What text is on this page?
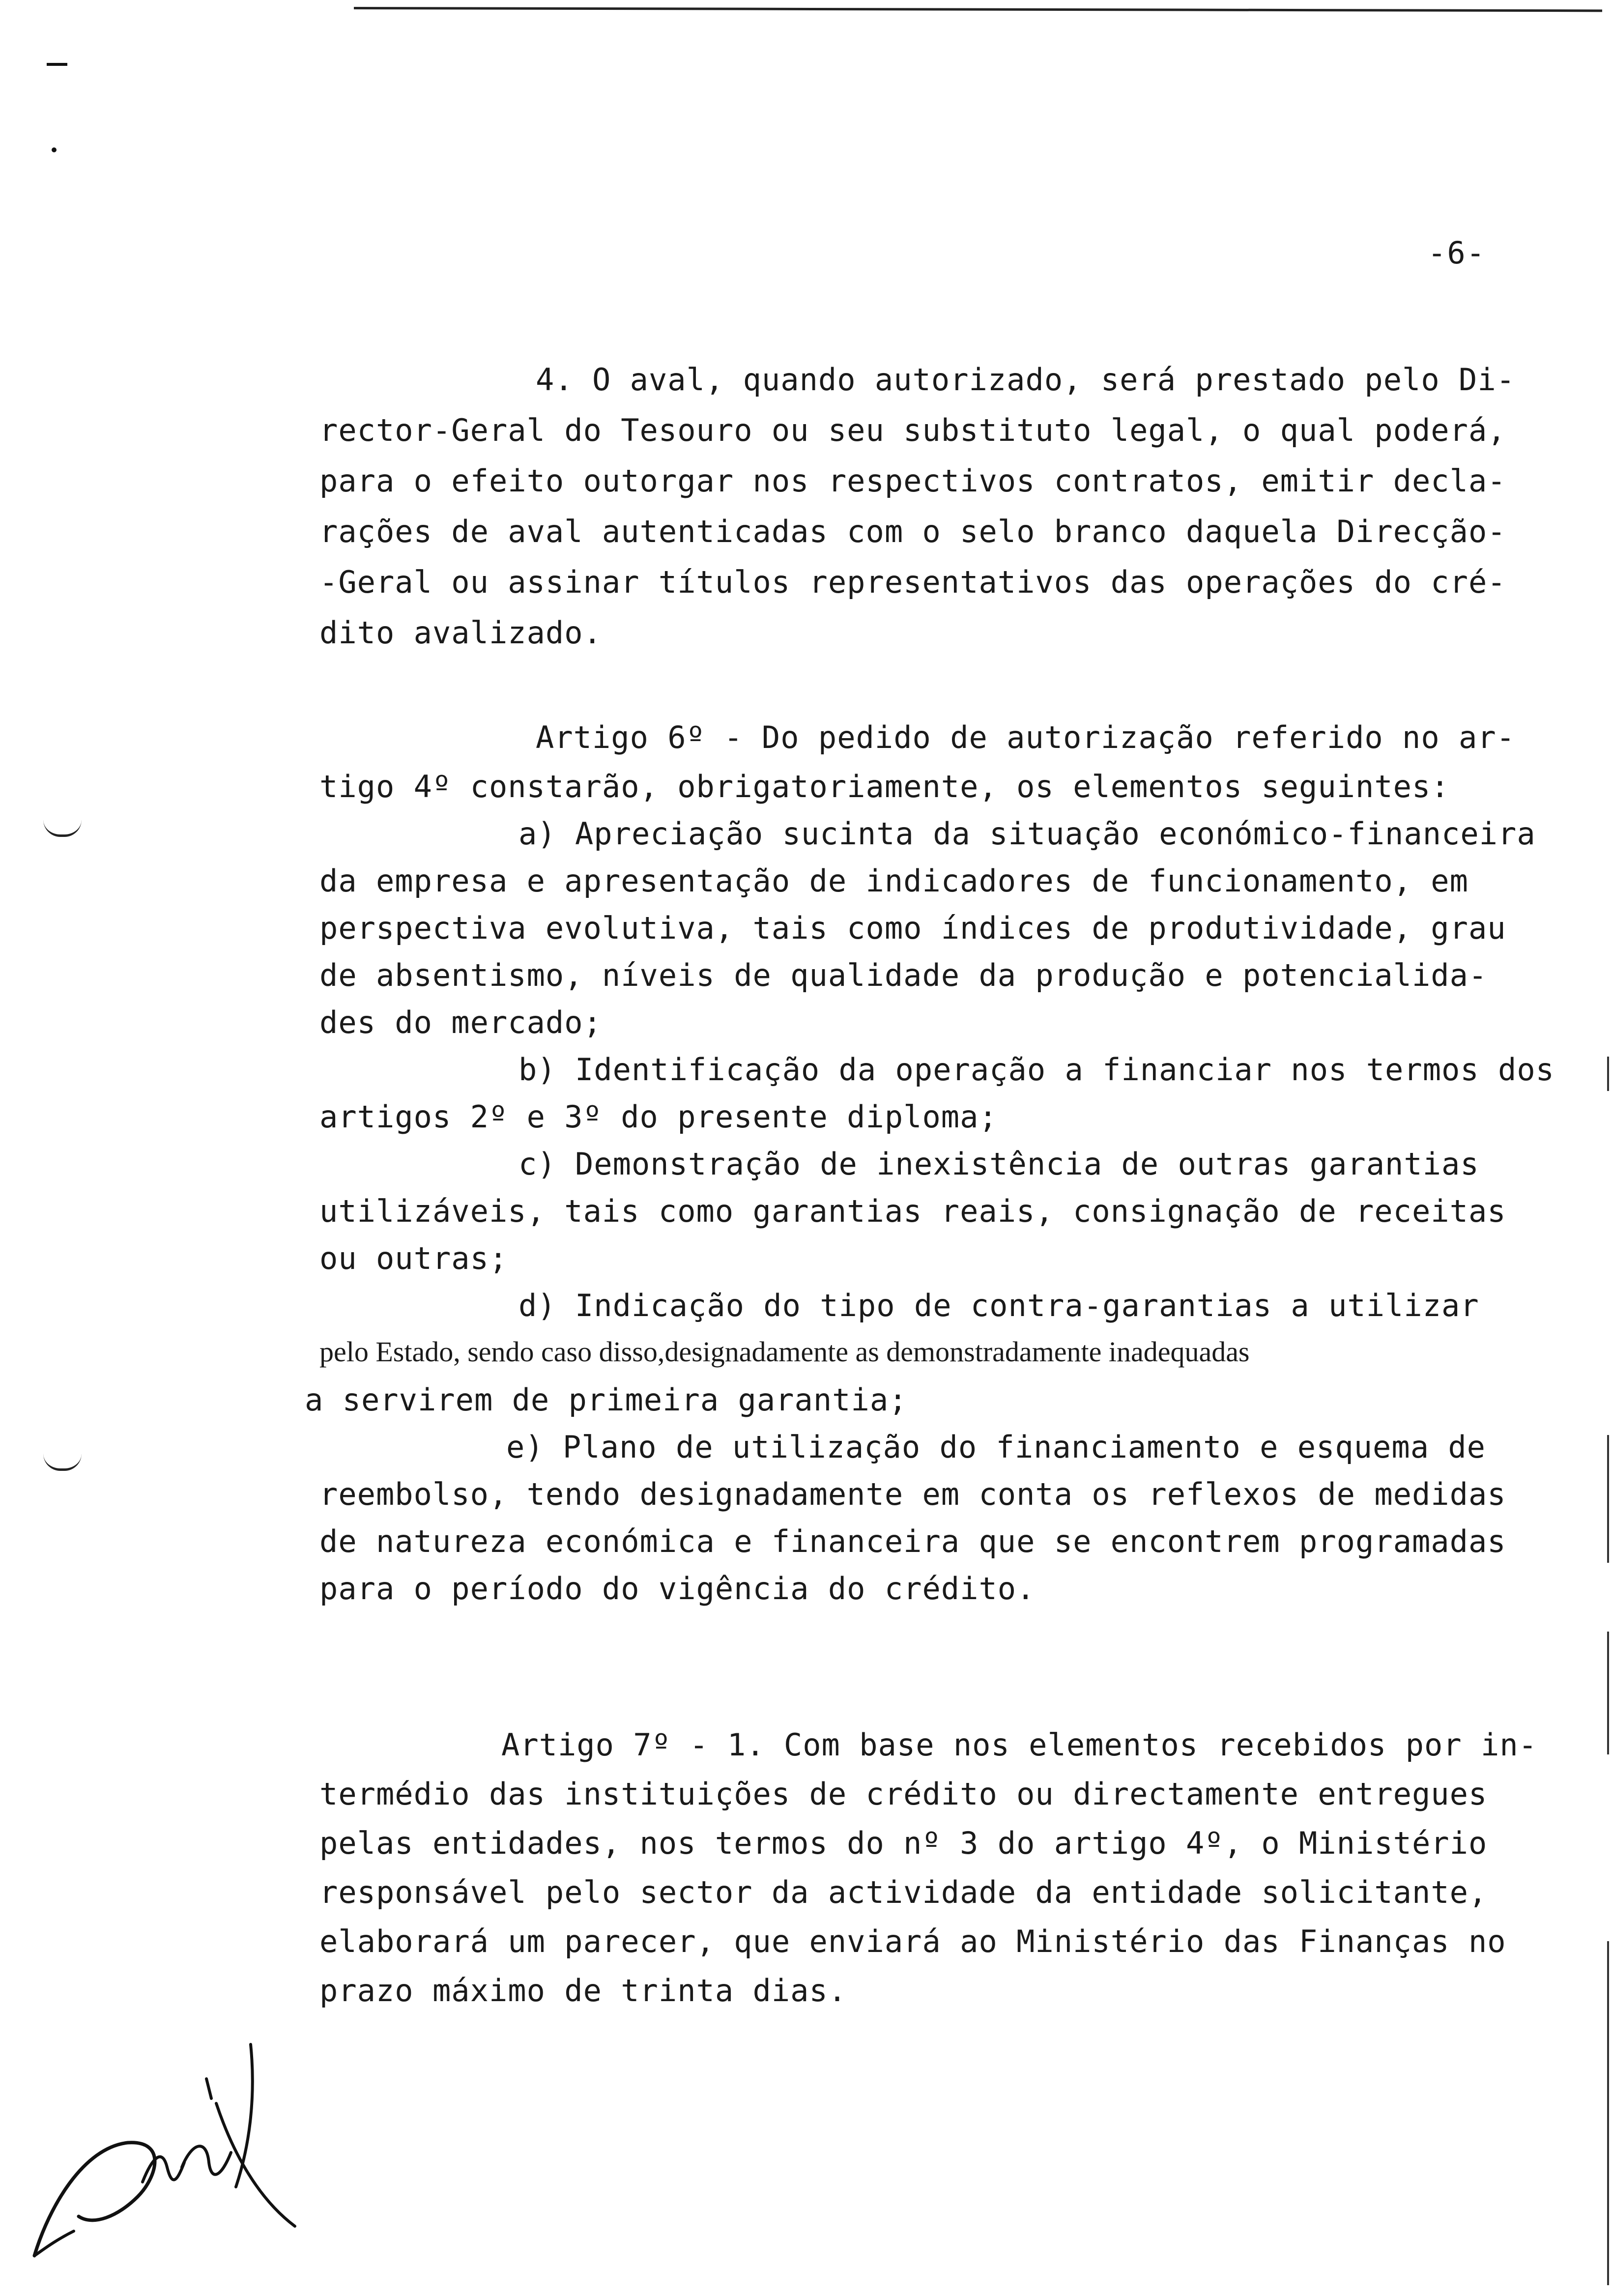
-6-
4. O aval, quando autorizado, será prestado pelo Di-
rector-Geral do Tesouro ou seu substituto legal, o qual poderá,
para o efeito outorgar nos respectivos contratos, emitir decla-
rações de aval autenticadas com o selo branco daquela Direcção-
-Geral ou assinar títulos representativos das operações do cré-
dito avalizado.
Artigo 6º - Do pedido de autorização referido no ar-
tigo 4º constarão, obrigatoriamente, os elementos seguintes:
a) Apreciação sucinta da situação económico-financeira
da empresa e apresentação de indicadores de funcionamento, em
perspectiva evolutiva, tais como índices de produtividade, grau
de absentismo, níveis de qualidade da produção e potencialida-
des do mercado;
b) Identificação da operação a financiar nos termos dos
artigos 2º e 3º do presente diploma;
c) Demonstração de inexistência de outras garantias
utilizáveis, tais como garantias reais, consignação de receitas
ou outras;
d) Indicação do tipo de contra-garantias a utilizar
pelo Estado, sendo caso disso,designadamente as demonstradamente inadequadas
a servirem de primeira garantia;
e) Plano de utilização do financiamento e esquema de
reembolso, tendo designadamente em conta os reflexos de medidas
de natureza económica e financeira que se encontrem programadas
para o período do vigência do crédito.
Artigo 7º - 1. Com base nos elementos recebidos por in-
termédio das instituições de crédito ou directamente entregues
pelas entidades, nos termos do nº 3 do artigo 4º, o Ministério
responsável pelo sector da actividade da entidade solicitante,
elaborará um parecer, que enviará ao Ministério das Finanças no
prazo máximo de trinta dias.
